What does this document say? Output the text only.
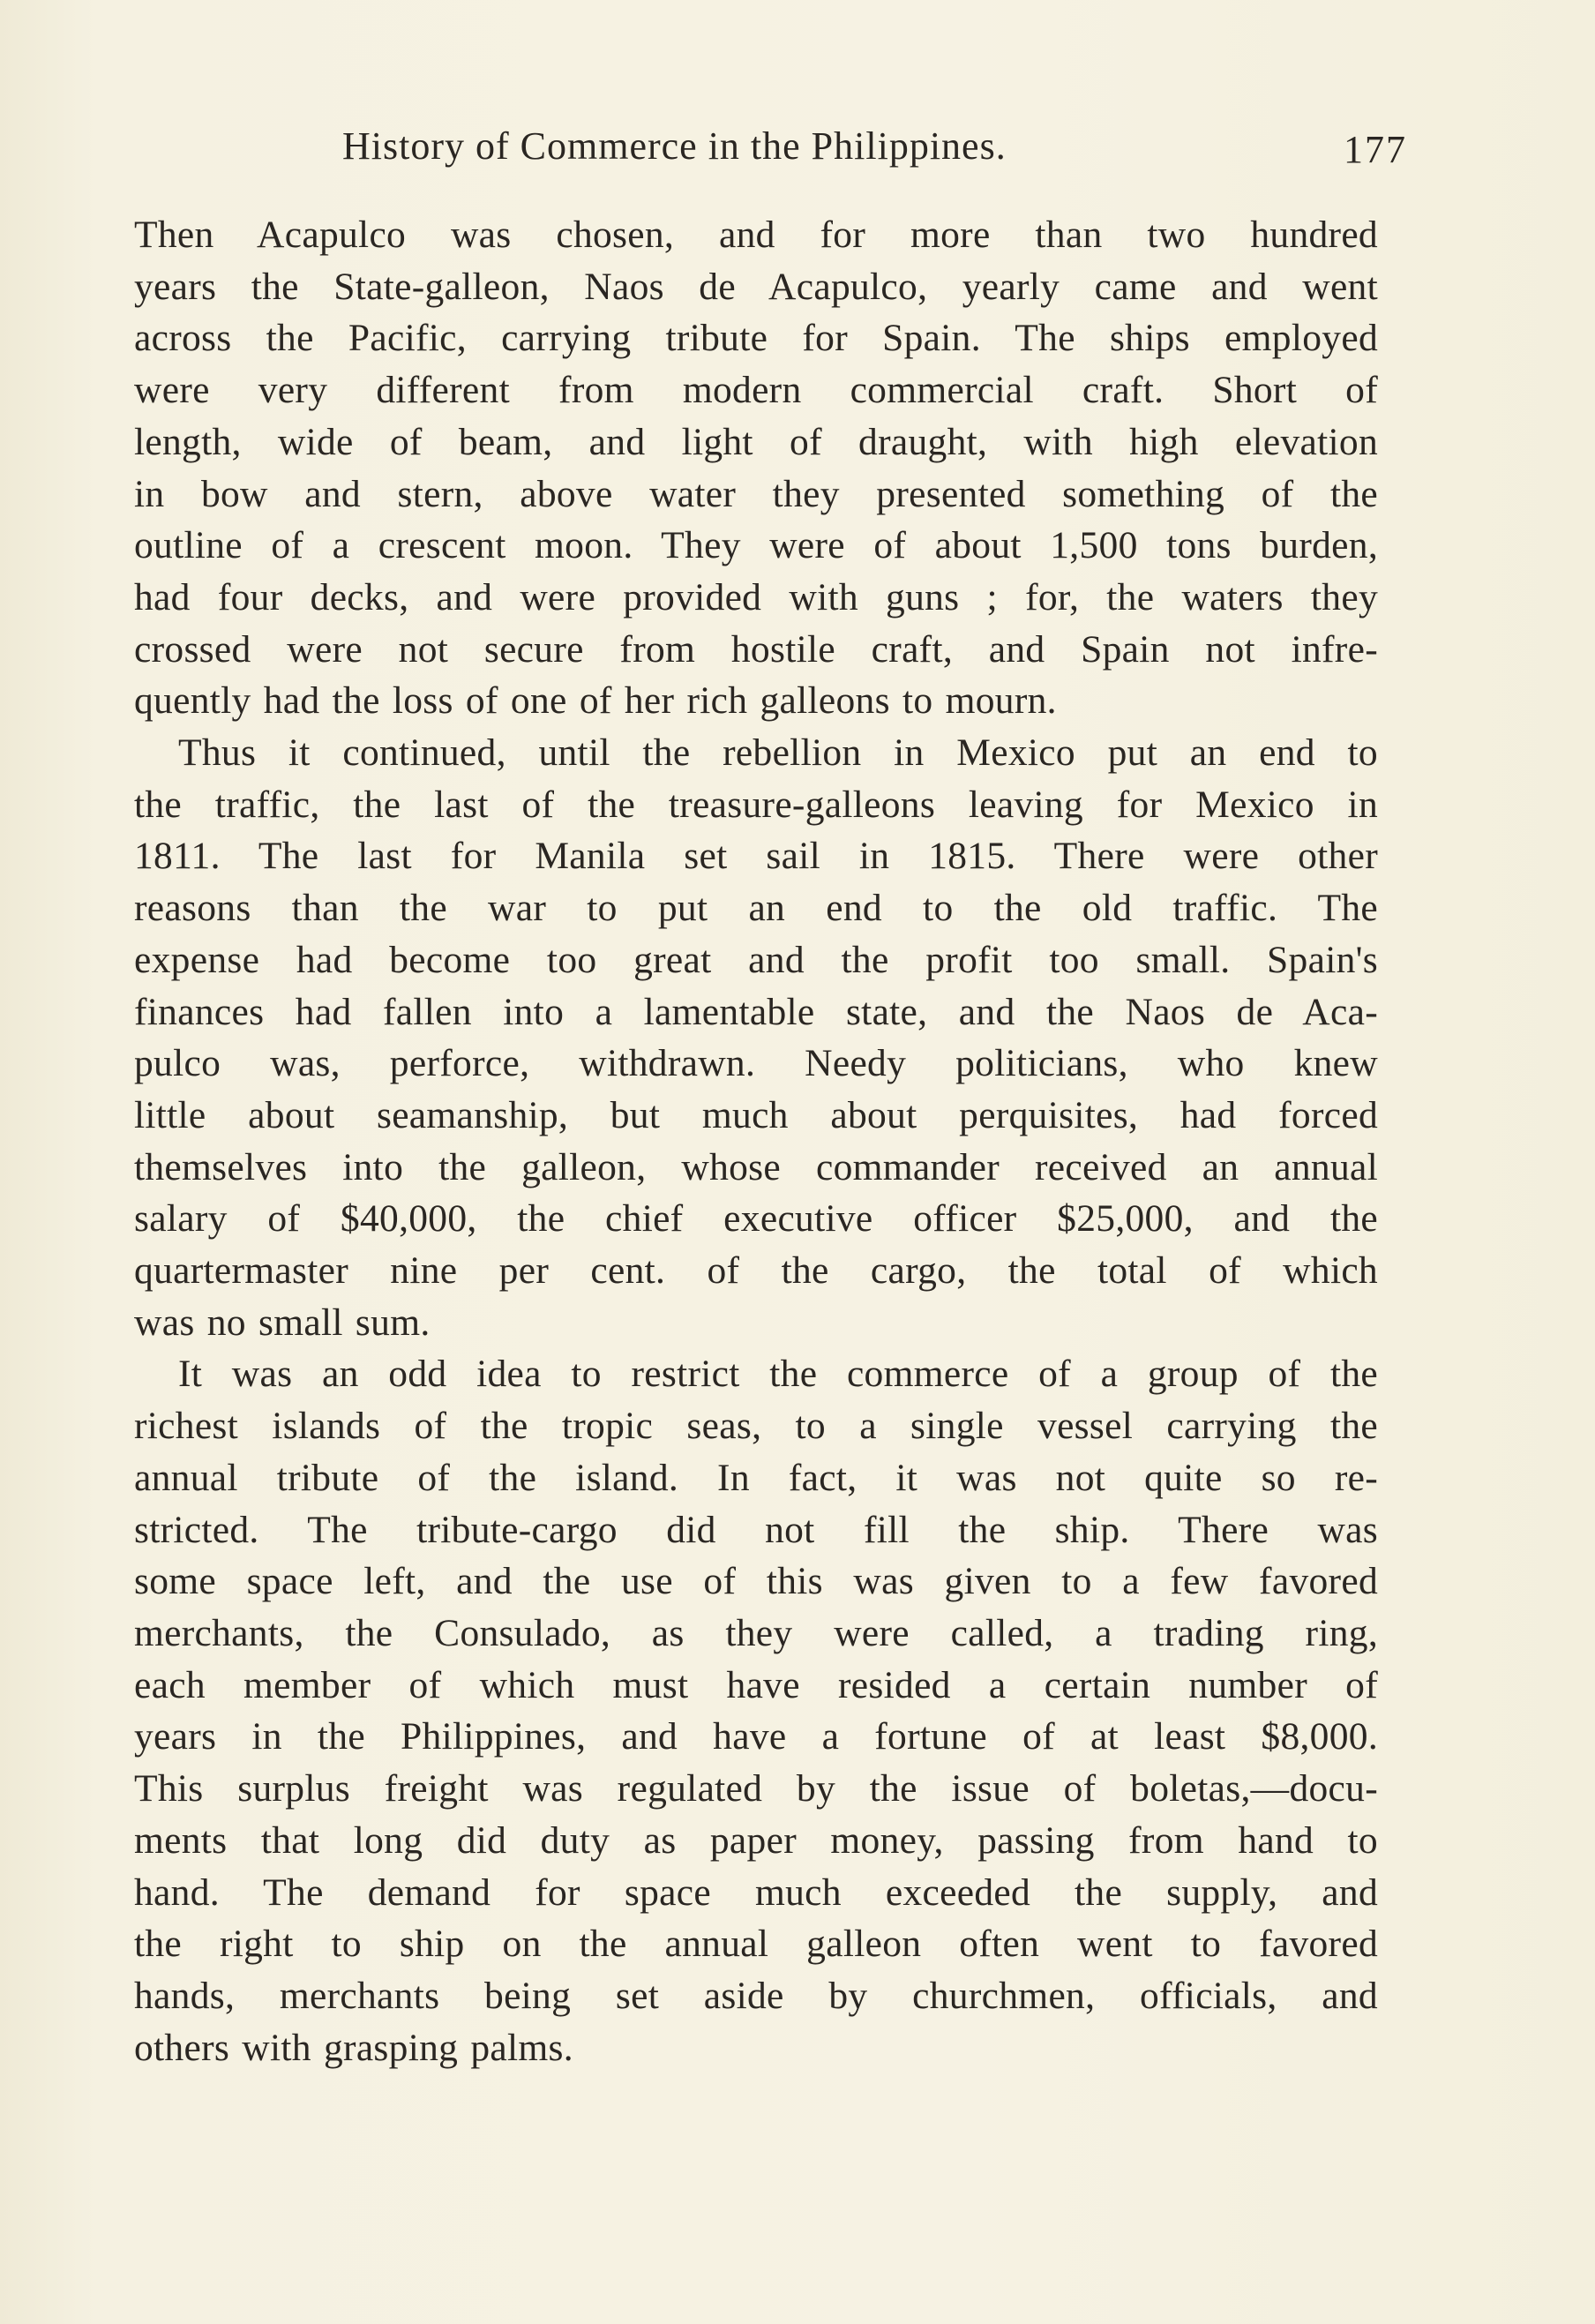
History of Commerce in the Philippines.	177

Then Acapulco was chosen, and for more than two hundred
years the State-galleon, Naos de Acapulco, yearly came and went
across the Pacific, carrying tribute for Spain. The ships employed
were very different from modern commercial craft. Short of
length, wide of beam, and light of draught, with high elevation
in bow and stern, above water they presented something of the
outline of a crescent moon. They were of about 1,500 tons burden,
had four decks, and were provided with guns ; for, the waters they
crossed were not secure from hostile craft, and Spain not infre-
quently had the loss of one of her rich galleons to mourn.

Thus it continued, until the rebellion in Mexico put an end to
the traffic, the last of the treasure-galleons leaving for Mexico in
1811. The last for Manila set sail in 1815. There were other
reasons than the war to put an end to the old traffic. The
expense had become too great and the profit too small. Spain's
finances had fallen into a lamentable state, and the Naos de Aca-
pulco was, perforce, withdrawn. Needy politicians, who knew
little about seamanship, but much about perquisites, had forced
themselves into the galleon, whose commander received an annual
salary of $40,000, the chief executive officer $25,000, and the
quartermaster nine per cent. of the cargo, the total of which
was no small sum.

It was an odd idea to restrict the commerce of a group of the
richest islands of the tropic seas, to a single vessel carrying the
annual tribute of the island. In fact, it was not quite so re-
stricted. The tribute-cargo did not fill the ship. There was
some space left, and the use of this was given to a few favored
merchants, the Consulado, as they were called, a trading ring,
each member of which must have resided a certain number of
years in the Philippines, and have a fortune of at least $8,000.
This surplus freight was regulated by the issue of boletas,—docu-
ments that long did duty as paper money, passing from hand to
hand. The demand for space much exceeded the supply, and
the right to ship on the annual galleon often went to favored
hands, merchants being set aside by churchmen, officials, and
others with grasping palms.
